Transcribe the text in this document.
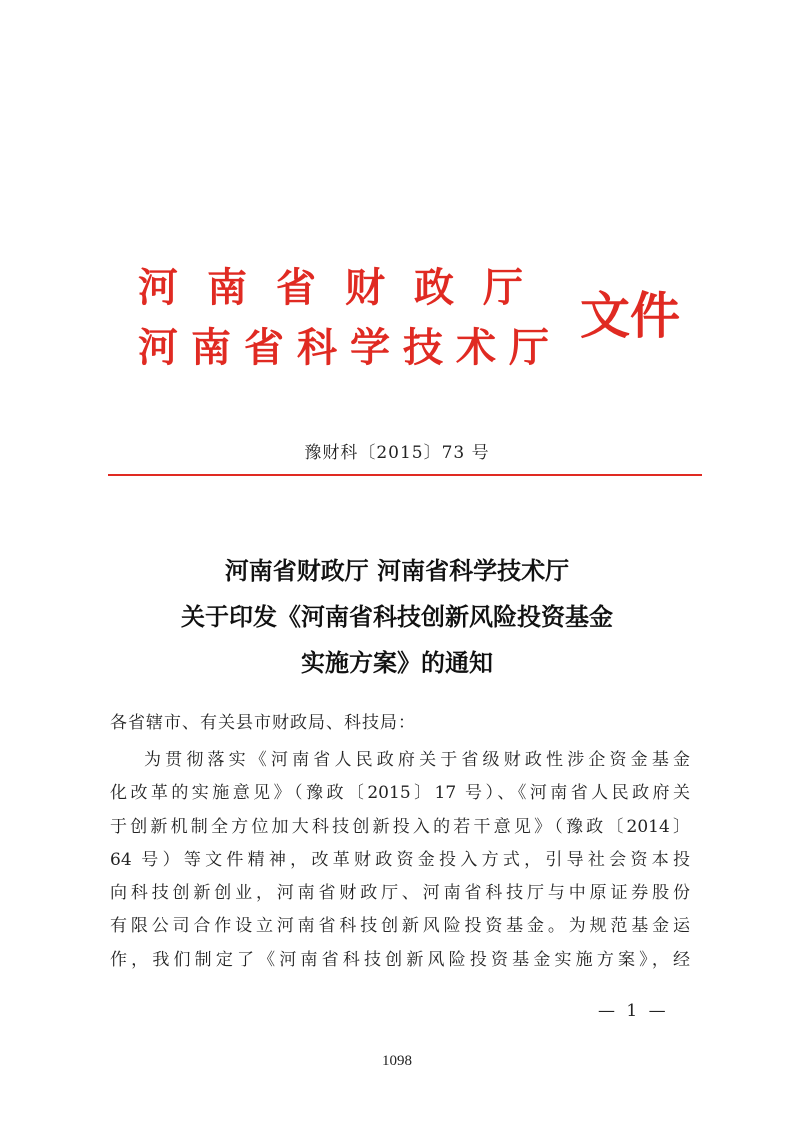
河南省财政厅
河南省科学技术厅
文件
豫财科〔2015〕73 号
河南省财政厅 河南省科学技术厅
关于印发《河南省科技创新风险投资基金
实施方案》的通知
各省辖市、有关县市财政局、科技局：
为贯彻落实《河南省人民政府关于省级财政性涉企资金基金
化改革的实施意见》（豫政〔2015〕17 号）、《河南省人民政府关
于创新机制全方位加大科技创新投入的若干意见》（豫政〔2014〕
64 号）等文件精神，改革财政资金投入方式，引导社会资本投
向科技创新创业，河南省财政厅、河南省科技厅与中原证券股份
有限公司合作设立河南省科技创新风险投资基金。为规范基金运
作，我们制定了《河南省科技创新风险投资基金实施方案》，经
— 1 —
1098
